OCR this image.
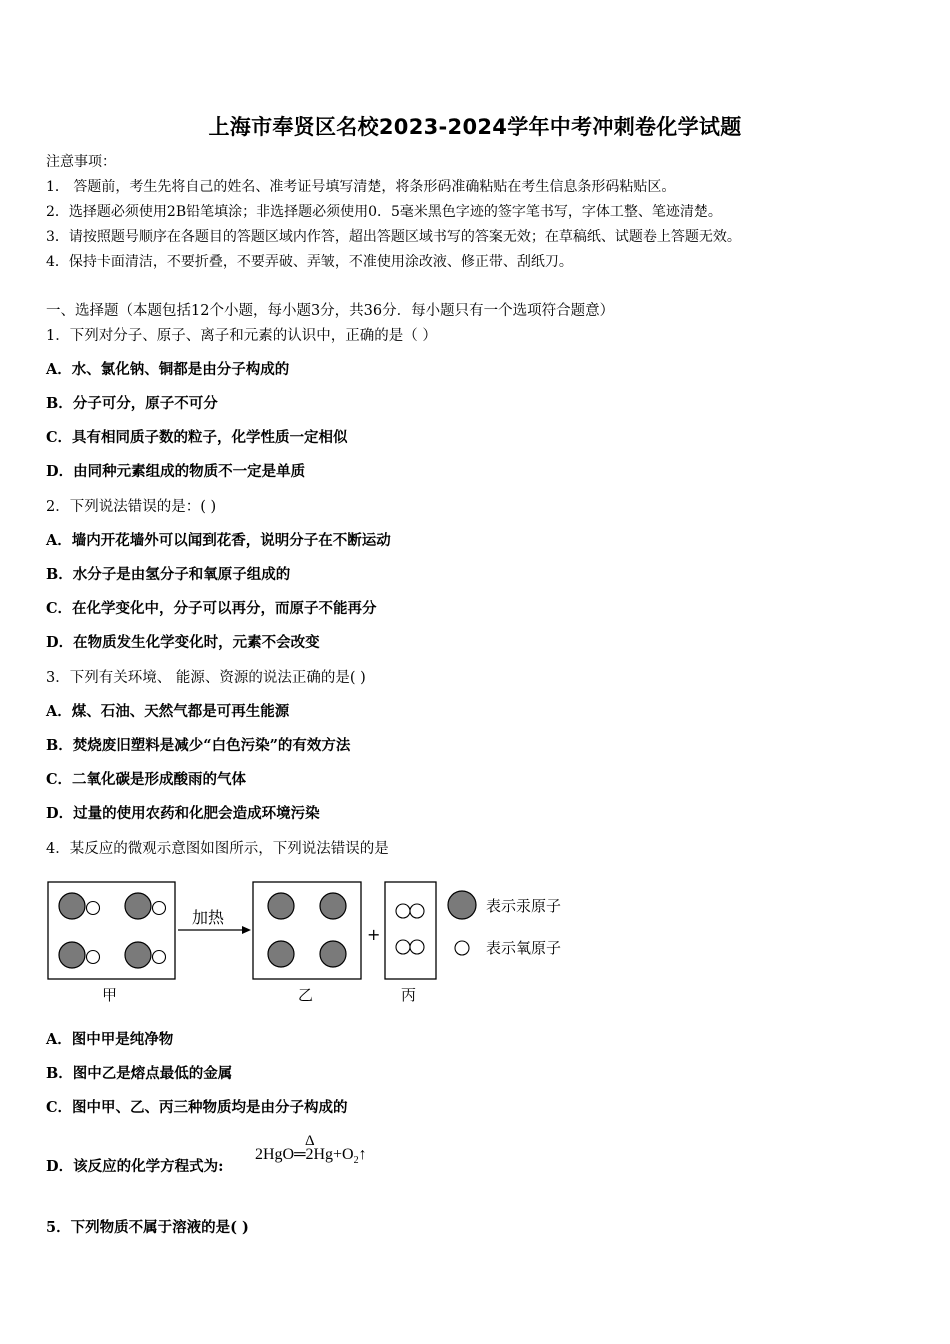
上海市奉贤区名校2023-2024学年中考冲刺卷化学试题
注意事项：
1． 答题前，考生先将自己的姓名、准考证号填写清楚，将条形码准确粘贴在考生信息条形码粘贴区。
2．选择题必须使用2B铅笔填涂；非选择题必须使用0．5毫米黑色字迹的签字笔书写，字体工整、笔迹清楚。
3．请按照题号顺序在各题目的答题区域内作答，超出答题区域书写的答案无效；在草稿纸、试题卷上答题无效。
4．保持卡面清洁，不要折叠，不要弄破、弄皱，不准使用涂改液、修正带、刮纸刀。
一、选择题（本题包括12个小题，每小题3分，共36分．每小题只有一个选项符合题意）
1．下列对分子、原子、离子和元素的认识中，正确的是（ ）
A．水、氯化钠、铜都是由分子构成的
B．分子可分，原子不可分
C．具有相同质子数的粒子，化学性质一定相似
D．由同种元素组成的物质不一定是单质
2．下列说法错误的是：( )
A．墙内开花墙外可以闻到花香，说明分子在不断运动
B．水分子是由氢分子和氧原子组成的
C．在化学变化中，分子可以再分，而原子不能再分
D．在物质发生化学变化时，元素不会改变
3．下列有关环境、 能源、资源的说法正确的是( )
A．煤、石油、天然气都是可再生能源
B．焚烧废旧塑料是减少“白色污染”的有效方法
C．二氧化碳是形成酸雨的气体
D．过量的使用农药和化肥会造成环境污染
4．某反应的微观示意图如图所示，下列说法错误的是
加热
+
甲	乙	丙
表示汞原子
表示氧原子
A．图中甲是纯净物
B．图中乙是熔点最低的金属
C．图中甲、乙、丙三种物质均是由分子构成的
D．该反应的化学方程式为:
Δ
$2HgO═2Hg+O_2↑$
5．下列物质不属于溶液的是( )
